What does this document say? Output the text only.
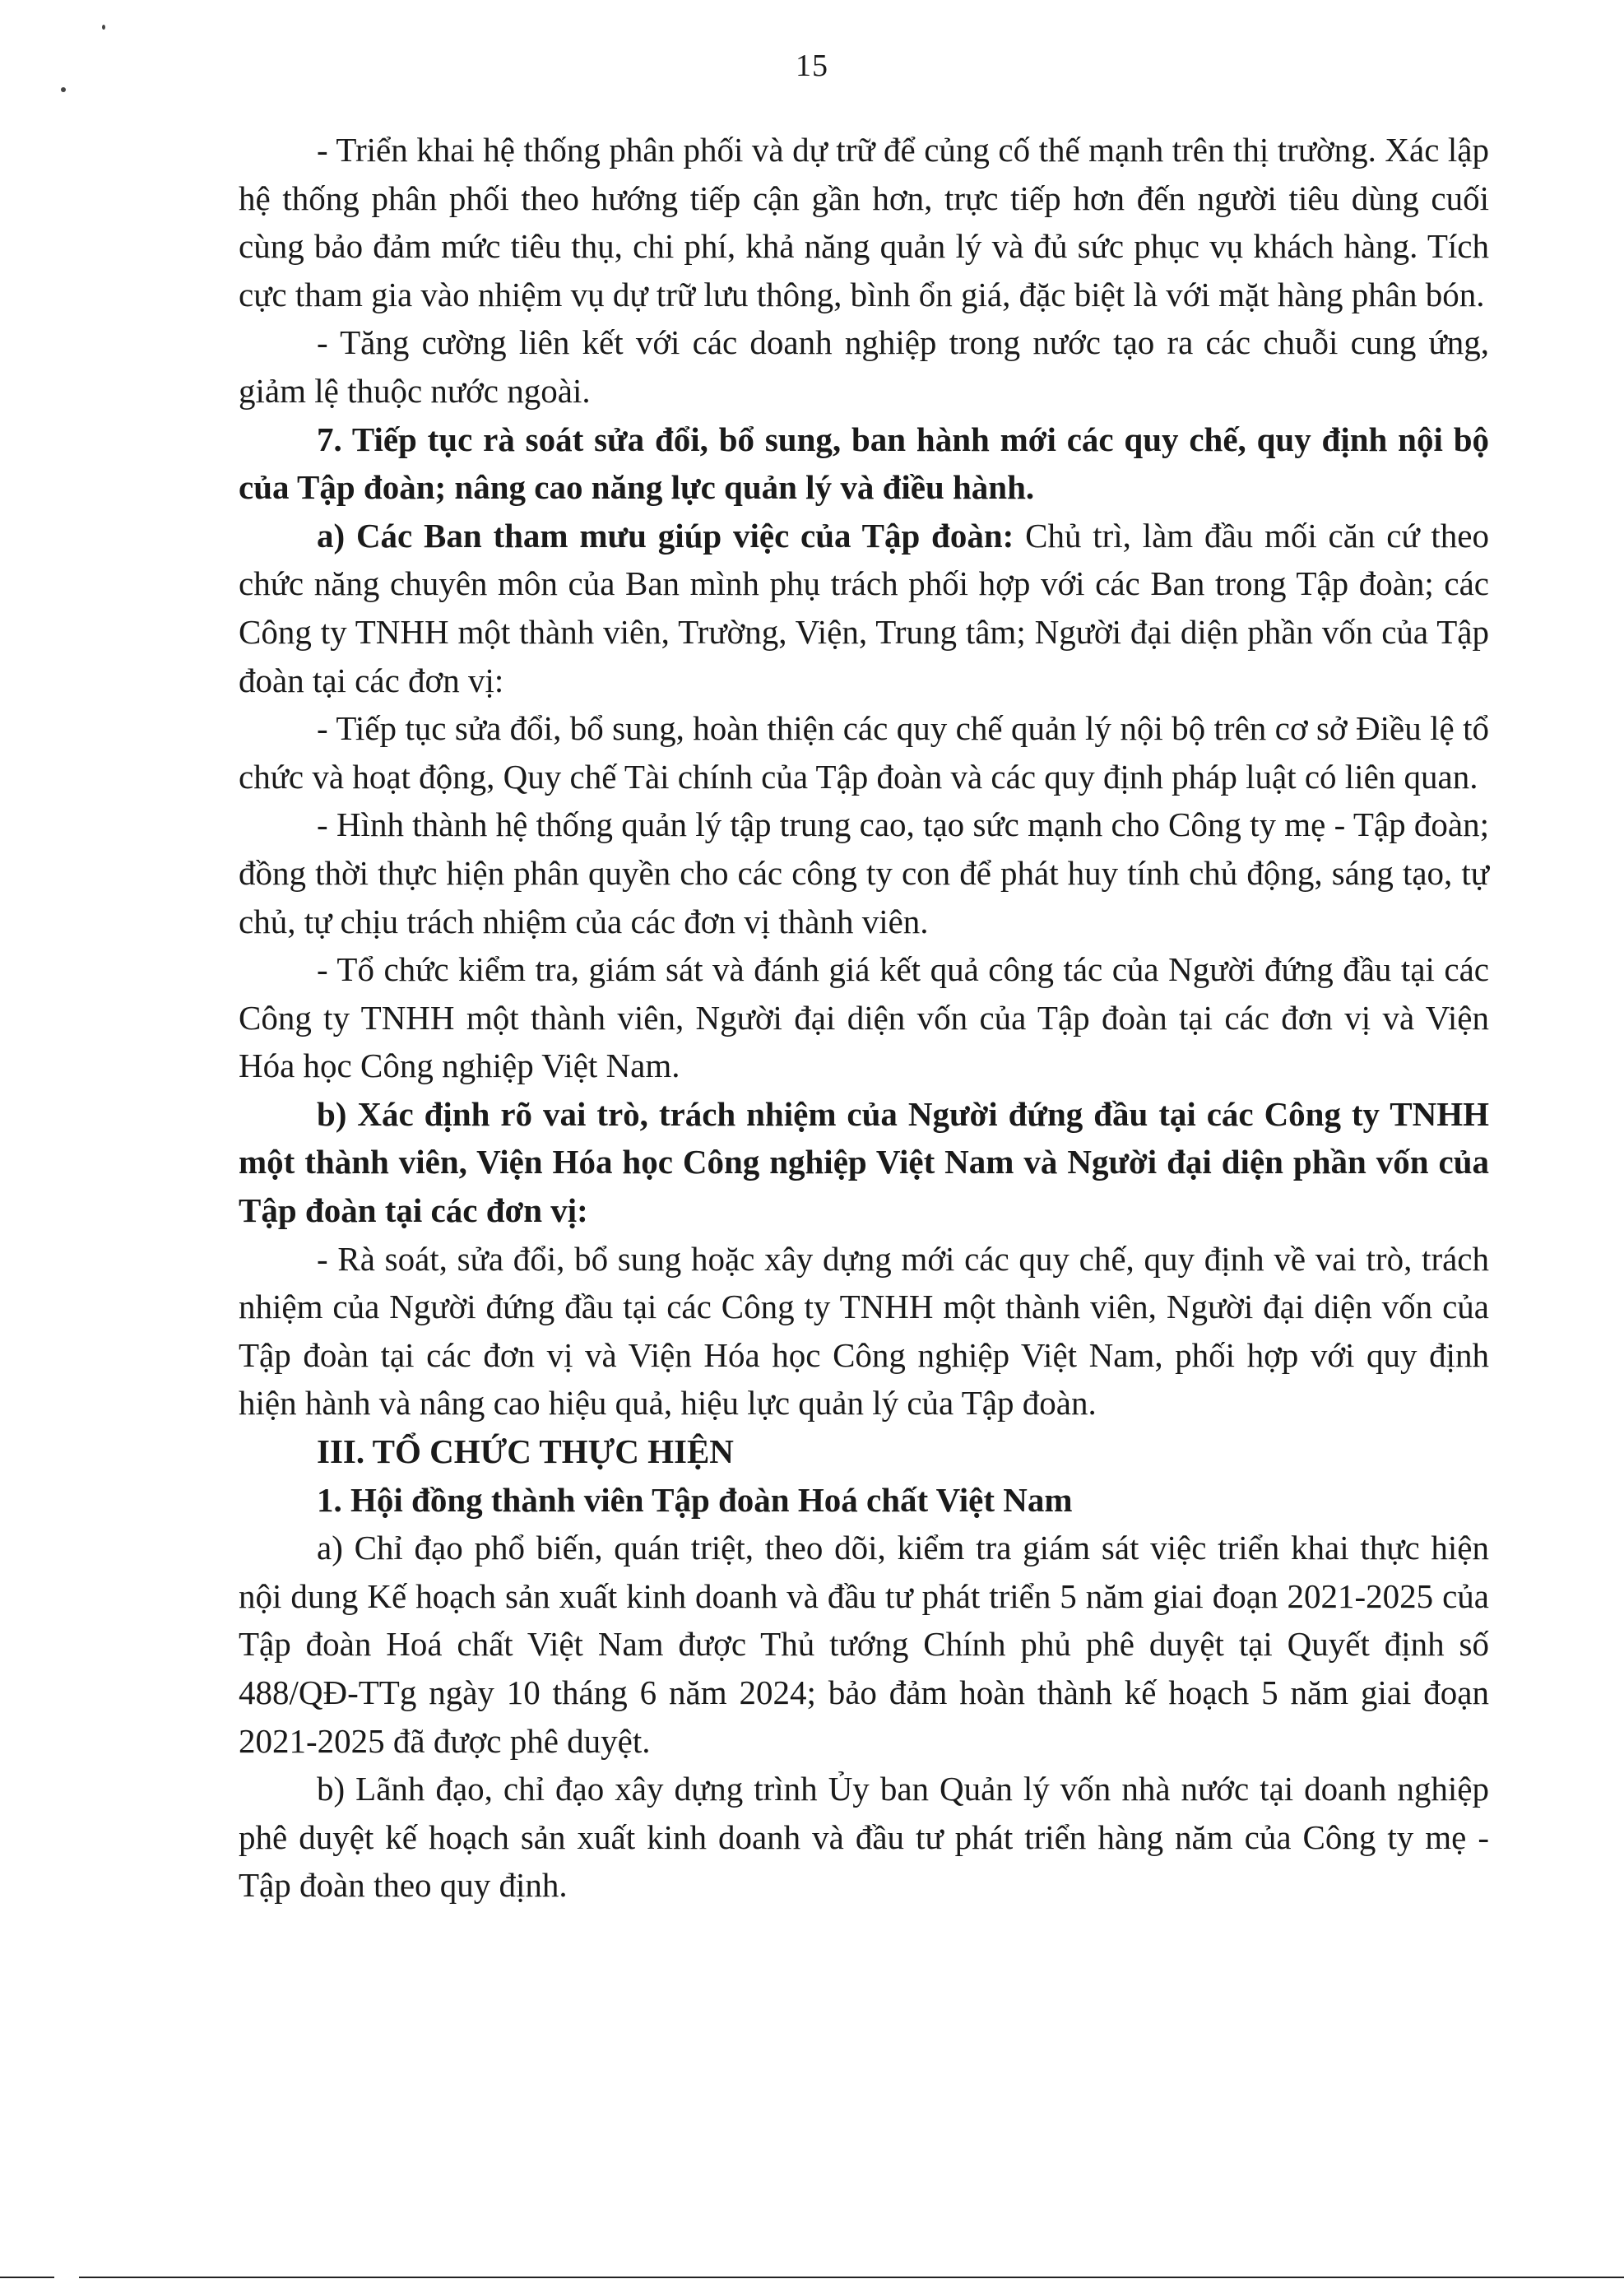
15

- Triển khai hệ thống phân phối và dự trữ để củng cố thế mạnh trên thị trường. Xác lập hệ thống phân phối theo hướng tiếp cận gần hơn, trực tiếp hơn đến người tiêu dùng cuối cùng bảo đảm mức tiêu thụ, chi phí, khả năng quản lý và đủ sức phục vụ khách hàng. Tích cực tham gia vào nhiệm vụ dự trữ lưu thông, bình ổn giá, đặc biệt là với mặt hàng phân bón.

- Tăng cường liên kết với các doanh nghiệp trong nước tạo ra các chuỗi cung ứng, giảm lệ thuộc nước ngoài.

7. Tiếp tục rà soát sửa đổi, bổ sung, ban hành mới các quy chế, quy định nội bộ của Tập đoàn; nâng cao năng lực quản lý và điều hành.

a) Các Ban tham mưu giúp việc của Tập đoàn: Chủ trì, làm đầu mối căn cứ theo chức năng chuyên môn của Ban mình phụ trách phối hợp với các Ban trong Tập đoàn; các Công ty TNHH một thành viên, Trường, Viện, Trung tâm; Người đại diện phần vốn của Tập đoàn tại các đơn vị:

- Tiếp tục sửa đổi, bổ sung, hoàn thiện các quy chế quản lý nội bộ trên cơ sở Điều lệ tổ chức và hoạt động, Quy chế Tài chính của Tập đoàn và các quy định pháp luật có liên quan.

- Hình thành hệ thống quản lý tập trung cao, tạo sức mạnh cho Công ty mẹ - Tập đoàn; đồng thời thực hiện phân quyền cho các công ty con để phát huy tính chủ động, sáng tạo, tự chủ, tự chịu trách nhiệm của các đơn vị thành viên.

- Tổ chức kiểm tra, giám sát và đánh giá kết quả công tác của Người đứng đầu tại các Công ty TNHH một thành viên, Người đại diện vốn của Tập đoàn tại các đơn vị và Viện Hóa học Công nghiệp Việt Nam.

b) Xác định rõ vai trò, trách nhiệm của Người đứng đầu tại các Công ty TNHH một thành viên, Viện Hóa học Công nghiệp Việt Nam và Người đại diện phần vốn của Tập đoàn tại các đơn vị:

- Rà soát, sửa đổi, bổ sung hoặc xây dựng mới các quy chế, quy định về vai trò, trách nhiệm của Người đứng đầu tại các Công ty TNHH một thành viên, Người đại diện vốn của Tập đoàn tại các đơn vị và Viện Hóa học Công nghiệp Việt Nam, phối hợp với quy định hiện hành và nâng cao hiệu quả, hiệu lực quản lý của Tập đoàn.

III. TỔ CHỨC THỰC HIỆN

1. Hội đồng thành viên Tập đoàn Hoá chất Việt Nam

a) Chỉ đạo phổ biến, quán triệt, theo dõi, kiểm tra giám sát việc triển khai thực hiện nội dung Kế hoạch sản xuất kinh doanh và đầu tư phát triển 5 năm giai đoạn 2021-2025 của Tập đoàn Hoá chất Việt Nam được Thủ tướng Chính phủ phê duyệt tại Quyết định số 488/QĐ-TTg ngày 10 tháng 6 năm 2024; bảo đảm hoàn thành kế hoạch 5 năm giai đoạn 2021-2025 đã được phê duyệt.

b) Lãnh đạo, chỉ đạo xây dựng trình Ủy ban Quản lý vốn nhà nước tại doanh nghiệp phê duyệt kế hoạch sản xuất kinh doanh và đầu tư phát triển hàng năm của Công ty mẹ - Tập đoàn theo quy định.
